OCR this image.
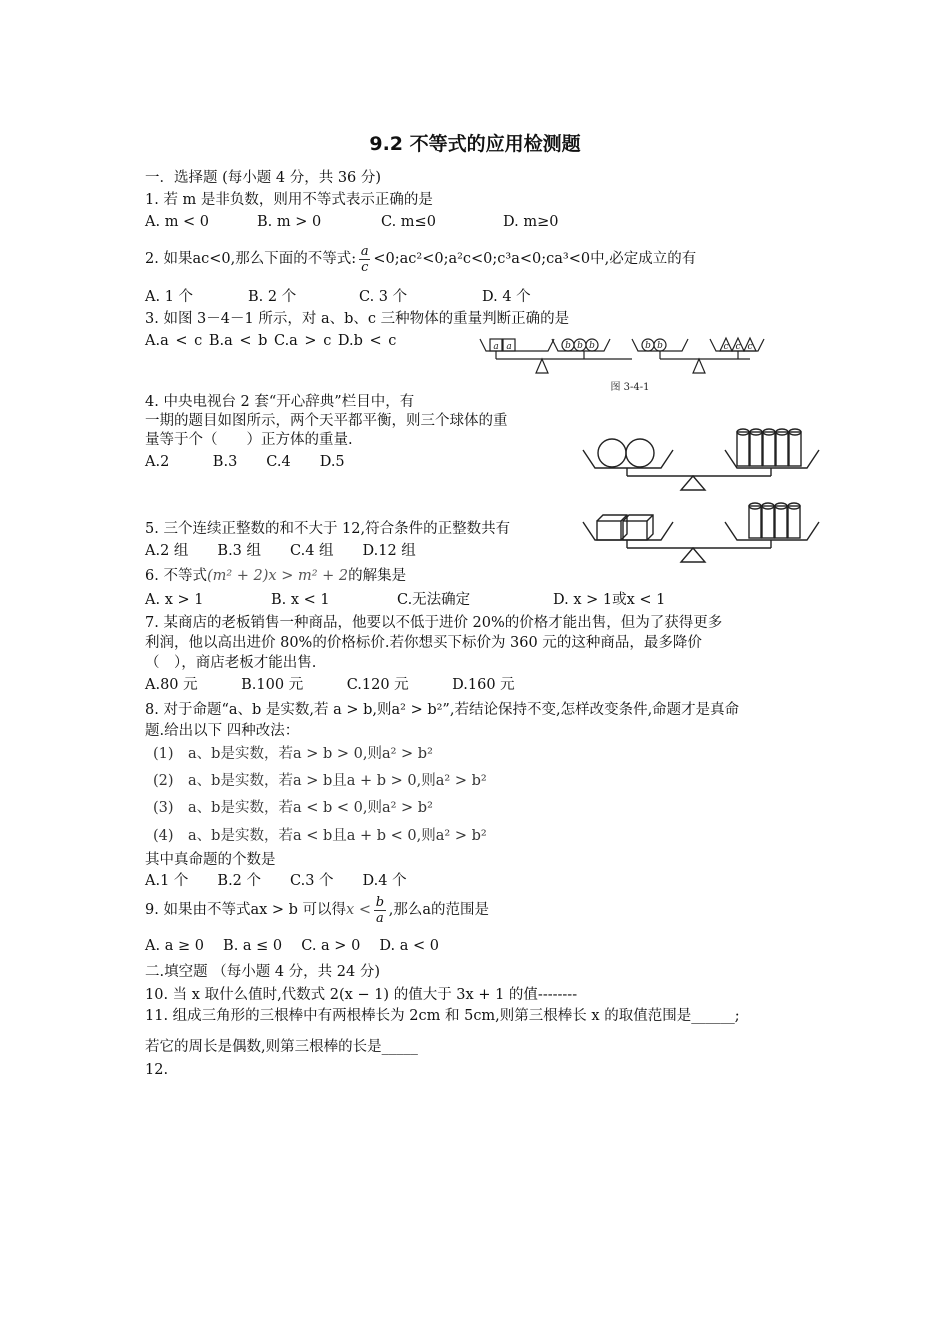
9.2 不等式的应用检测题
一．选择题 (每小题 4 分，共 36 分)
1. 若 m 是非负数，则用不等式表示正确的是
A. m < 0	B. m > 0	C. m≤0	D. m≥0
2. 如果ac<0,那么下面的不等式: $\frac{a}{c}$ <0;ac²<0;a²c<0;c³a<0;ca³<0中,必定成立的有
A. 1 个	B. 2 个	C. 3 个	D. 4 个
3. 如图 3－4－1 所示，对 a、b、c 三种物体的重量判断正确的是
A.a < c B.a < b C.a > c D.b < c	a a	b b b	b b	c c c
图 3-4-1
4. 中央电视台 2 套“开心辞典”栏目中，有
一期的题目如图所示，两个天平都平衡，则三个球体的重
量等于个（　　）正方体的重量.
A.2　　　B.3　　C.4　　D.5
5. 三个连续正整数的和不大于 12,符合条件的正整数共有
A.2 组　　B.3 组　　C.4 组　　D.12 组
6. 不等式(m² + 2)x > m² + 2的解集是
A. x > 1	B. x < 1	C.无法确定	D. x > 1或x < 1
7. 某商店的老板销售一种商品，他要以不低于进价 20%的价格才能出售，但为了获得更多
利润，他以高出进价 80%的价格标价.若你想买下标价为 360 元的这种商品，最多降价
（　），商店老板才能出售.
A.80 元　　　B.100 元　　　C.120 元　　　D.160 元
8. 对于命题“a、b 是实数,若 a > b,则a² > b²”,若结论保持不变,怎样改变条件,命题才是真命
题.给出以下 四种改法：
(1)　a、b是实数，若a > b > 0,则a² > b²
(2)　a、b是实数，若a > b且a + b > 0,则a² > b²
(3)　a、b是实数，若a < b < 0,则a² > b²
(4)　a、b是实数，若a < b且a + b < 0,则a² > b²
其中真命题的个数是
A.1 个　　B.2 个　　C.3 个　　D.4 个
9. 如果由不等式ax > b 可以得$x < \frac{b}{a}$ ,那么a的范围是
A. a ≥ 0　 B. a ≤ 0　 C. a > 0　 D. a < 0
二.填空题 （每小题 4 分，共 24 分)
10. 当 x 取什么值时,代数式 2(x − 1) 的值大于 3x + 1 的值--------
11. 组成三角形的三根棒中有两根棒长为 2cm 和 5cm,则第三根棒长 x 的取值范围是______;
若它的周长是偶数,则第三根棒的长是_____
12.
